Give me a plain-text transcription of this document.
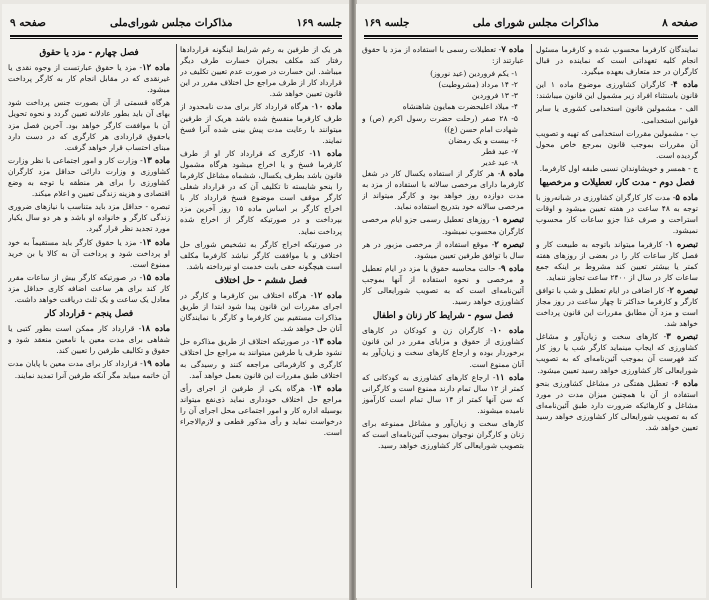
جلسه‌ ۱۶۹
مذاکرات مجلس شورای‌ملی
صفحه ۹

هر یک از طرفین به‌ رغم شرایط اینگونه قرارداد‌ها رفتار کند مکلف بجبران خسارت طرف دیگر میباشد. این خسارت در صورت عدم تعیین تکلیف در قرارداد کار از طرف مراجع حل اختلاف مقرر در این قانون تعیین خواهد شد.

ماده ۱۰- هرگاه قرارداد کار برای مدت نامحدود از طرف کارفرما منفسخ شده باشد هریک از طرفین میتوانند با رعایت مدت پیش بینی شده آنرا فسخ نمایند.

ماده ۱۱- کارگری که قرارداد کار او از طرف کارفرما فسخ و یا اخراج میشود هرگاه مشمول قانون باشد بطرف یکسال، ششماه مشاغل کارفرما را بنحو شایسته تا تکلیف آن که در قرارداد شغلی کارگر موقف است موضوع فسخ قرارداد کار با اخراج کارگر بر اساس ماده ۱۵ روز آخرین مزد بپرداخت و در صورتیکه کارگر از اخراج شده پرداخت نماید.

در صورتیکه اخراج کارگر به تشخیص شورای حل اختلاف و با موافقت کارگر نباشد کارفرما مکلف است هیچگونه حقی بابت خدمت او نپرداخته باشد.

فصل ششم - حل اختلاف

ماده ۱۲- هرگاه اختلاف بین کارفرما و کارگر در اجرای مقررات این قانون پیدا شود ابتدا از طریق مذاکرات مستقیم بین کارفرما و کارگر با نمایندگان آنان حل خواهد شد.

ماده ۱۳- در صورتیکه اختلاف از طریق مذاکره حل نشود طرف یا طرفین میتوانند به مراجع حل اختلاف کارگری و کارفرمائی مراجعه کنند و رسیدگی به اختلاف طبق مقررات این قانون بعمل خواهد آمد.

ماده ۱۴- هرگاه یکی از طرفین از اجرای رأی مراجع حل اختلاف خودداری نماید ذی‌نفع میتواند بوسیله اداره کار و امور اجتماعی محل اجرای آن را درخواست نماید و رأی مذکور قطعی و لازم‌الاجراء است.

فصل چهارم - مزد یا حقوق

ماده ۱۲- مزد یا حقوق عبارتست از وجوه نقدی یا غیرنقدی که در مقابل انجام کار به کارگر پرداخت میشود.

هرگاه قسمتی از آن بصورت جنس پرداخت شود بهای آن باید بطور عادلانه تعیین گردد و نحوه تحویل آن با موافقت کارگر خواهد بود. آخرین فصل مزد یاحقوق قراردادی هر کارگری که در دست دارد مبنای احتساب قرار خواهد گرفت.

ماده ۱۳- وزارت کار و امور اجتماعی با نظر وزارت کشاورزی و وزارت دارائی حداقل مزد کارگران کشاورزی را برای هر منطقه با توجه به وضع اقتصادی و هزینه زندگی تعیین و اعلام میکند.

تبصره - حداقل مزد باید متناسب با نیازهای ضروری زندگی کارگر و خانواده او باشد و هر دو سال یکبار مورد تجدید نظر قرار گیرد.

ماده ۱۴- مزد یا حقوق کارگر باید مستقیماً به خود او پرداخت شود و پرداخت آن به کالا یا بن خرید ممنوع است.

ماده ۱۵- در صورتیکه کارگر بیش از ساعات مقرر کار کند برای هر ساعت اضافه کاری حداقل مزد معادل یک ساعت و یک ثلث دریافت خواهد داشت.

فصل پنجم - قرارداد کار

ماده ۱۸- قرارداد کار ممکن است بطور کتبی یا شفاهی برای مدت معین یا نامعین منعقد شود و حقوق و تکالیف طرفین را تعیین کند.

ماده ۱۹- قرارداد کار برای مدت معین با پایان مدت آن خاتمه مییابد مگر آنکه طرفین آنرا تمدید نمایند.

صفحه ۸
مذاکرات مجلس شورای ملی
جلسه ۱۶۹

نمایندگان کارفرما محسوب شده و کارفرما مسئول انجام کلیه تعهداتی است که نماینده در قبال کارگران در حد متعارف بعهده میگیرد.

ماده ۴- کارگران کشاورزی موضوع ماده ۱ این قانون باستثناء افراد زیر مشمول این قانون میباشند:

الف - مشمولین قانون استخدامی کشوری یا سایر قوانین استخدامی.

ب - مشمولین مقررات استخدامی که تهیه و تصویب آن مقررات بموجب قانون بمرجع خاص محول گردیده است.

ج - همسر و خویشاوندان نسبی طبقه اول کارفرما.

فصل دوم - مدت کار، تعطیلات و مرخصیها

ماده ۵- مدت کار کارگران کشاورزی در شبانه‌روز با توجه به ۴۸ ساعت در هفته تعیین میشود و اوقات استراحت و صرف غذا جزو ساعات کار محسوب نمیشود.

تبصره ۱- کارفرما میتواند باتوجه به طبیعت کار و فصل کار ساعات کار را در بعضی از روزهای هفته کمتر یا بیشتر تعیین کند مشروط بر اینکه جمع ساعات کار در سال از ۲۴۰۰ ساعت تجاوز ننماید.

تبصره ۲- کار اضافی در ایام تعطیل و شب با توافق کارگر و کارفرما حداکثر تا چهار ساعت در روز مجاز است و مزد آن مطابق مقررات این قانون پرداخت خواهد شد.

تبصره ۳- کارهای سخت و زیان‌آور و مشاغل کشاورزی که ایجاب مینماید کارگر شب یا روز کار کند فهرست آن بموجب آئین‌نامه‌ای که به تصویب شورایعالی کار کشاورزی خواهد رسید تعیین میشود.

ماده ۶- تعطیل هفتگی در مشاغل کشاورزی بنحو استفاده از آن با همچنین میزان مدت در مورد مشاغل و کارهائیکه ضرورت دارد طبق آئین‌نامه‌ای که به تصویب شورایعالی کار کشاورزی خواهد رسید تعیین خواهد شد.

ماده ۷- تعطیلات رسمی با استفاده از مزد یا حقوق عبارتند از:

۱- یکم فروردین (عید نوروز)
۲- ۱۴ مرداد (مشروطیت)
۳- ۱۳ فروردین
۴- میلاد اعلیحضرت همایون شاهنشاه
۵- ۲۸ صفر (رحلت حضرت رسول اکرم (ص) و شهادت امام حسن (ع))
۶- بیست و یک رمضان
۷- عید فطر
۸- عید غدیر

ماده ۸- هر کارگر از استفاده یکسال کار در شغل کارفرما دارای مرخصی سالانه با استفاده از مزد به مدت دوازده روز خواهد بود و کارگر میتواند از مرخصی سالانه خود بتدریج استفاده نماید.

تبصره ۱- روزهای تعطیل رسمی جزو ایام مرخصی کارگران محسوب نمیشود.

تبصره ۲- موقع استفاده از مرخصی مزبور در هر سال با توافق طرفین تعیین میشود.

ماده ۹- حالت محاسبه حقوق یا مزد در ایام تعطیل و مرخصی و نحوه استفاده از آنها بموجب آئین‌نامه‌ای است که به تصویب شورایعالی کار کشاورزی خواهد رسید.

فصل سوم - شرایط کار زنان و اطفال

ماده ۱۰- کارگران زن و کودکان در کارهای کشاورزی از حقوق و مزایای مقرر در این قانون برخوردار بوده و ارجاع کارهای سخت و زیان‌آور به آنان ممنوع است.

ماده ۱۱- ارجاع کارهای کشاورزی به کودکانی که کمتر از ۱۲ سال تمام دارند ممنوع است و کارگرانی که سن آنها کمتر از ۱۴ سال تمام است کارآموز نامیده میشوند.

کارهای سخت و زیان‌آور و مشاغل ممنوعه برای زنان و کارگران نوجوان بموجب آئین‌نامه‌ای است که بتصویب شورایعالی کار کشاورزی خواهد رسید.
